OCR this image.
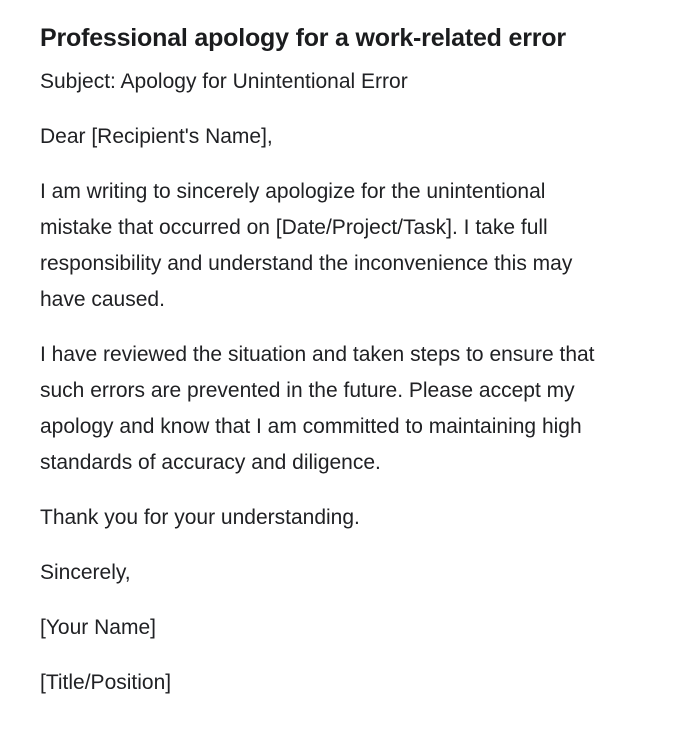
Professional apology for a work-related error

Subject: Apology for Unintentional Error

Dear [Recipient's Name],

I am writing to sincerely apologize for the unintentional mistake that occurred on [Date/Project/Task]. I take full responsibility and understand the inconvenience this may have caused.

I have reviewed the situation and taken steps to ensure that such errors are prevented in the future. Please accept my apology and know that I am committed to maintaining high standards of accuracy and diligence.

Thank you for your understanding.

Sincerely,

[Your Name]

[Title/Position]
